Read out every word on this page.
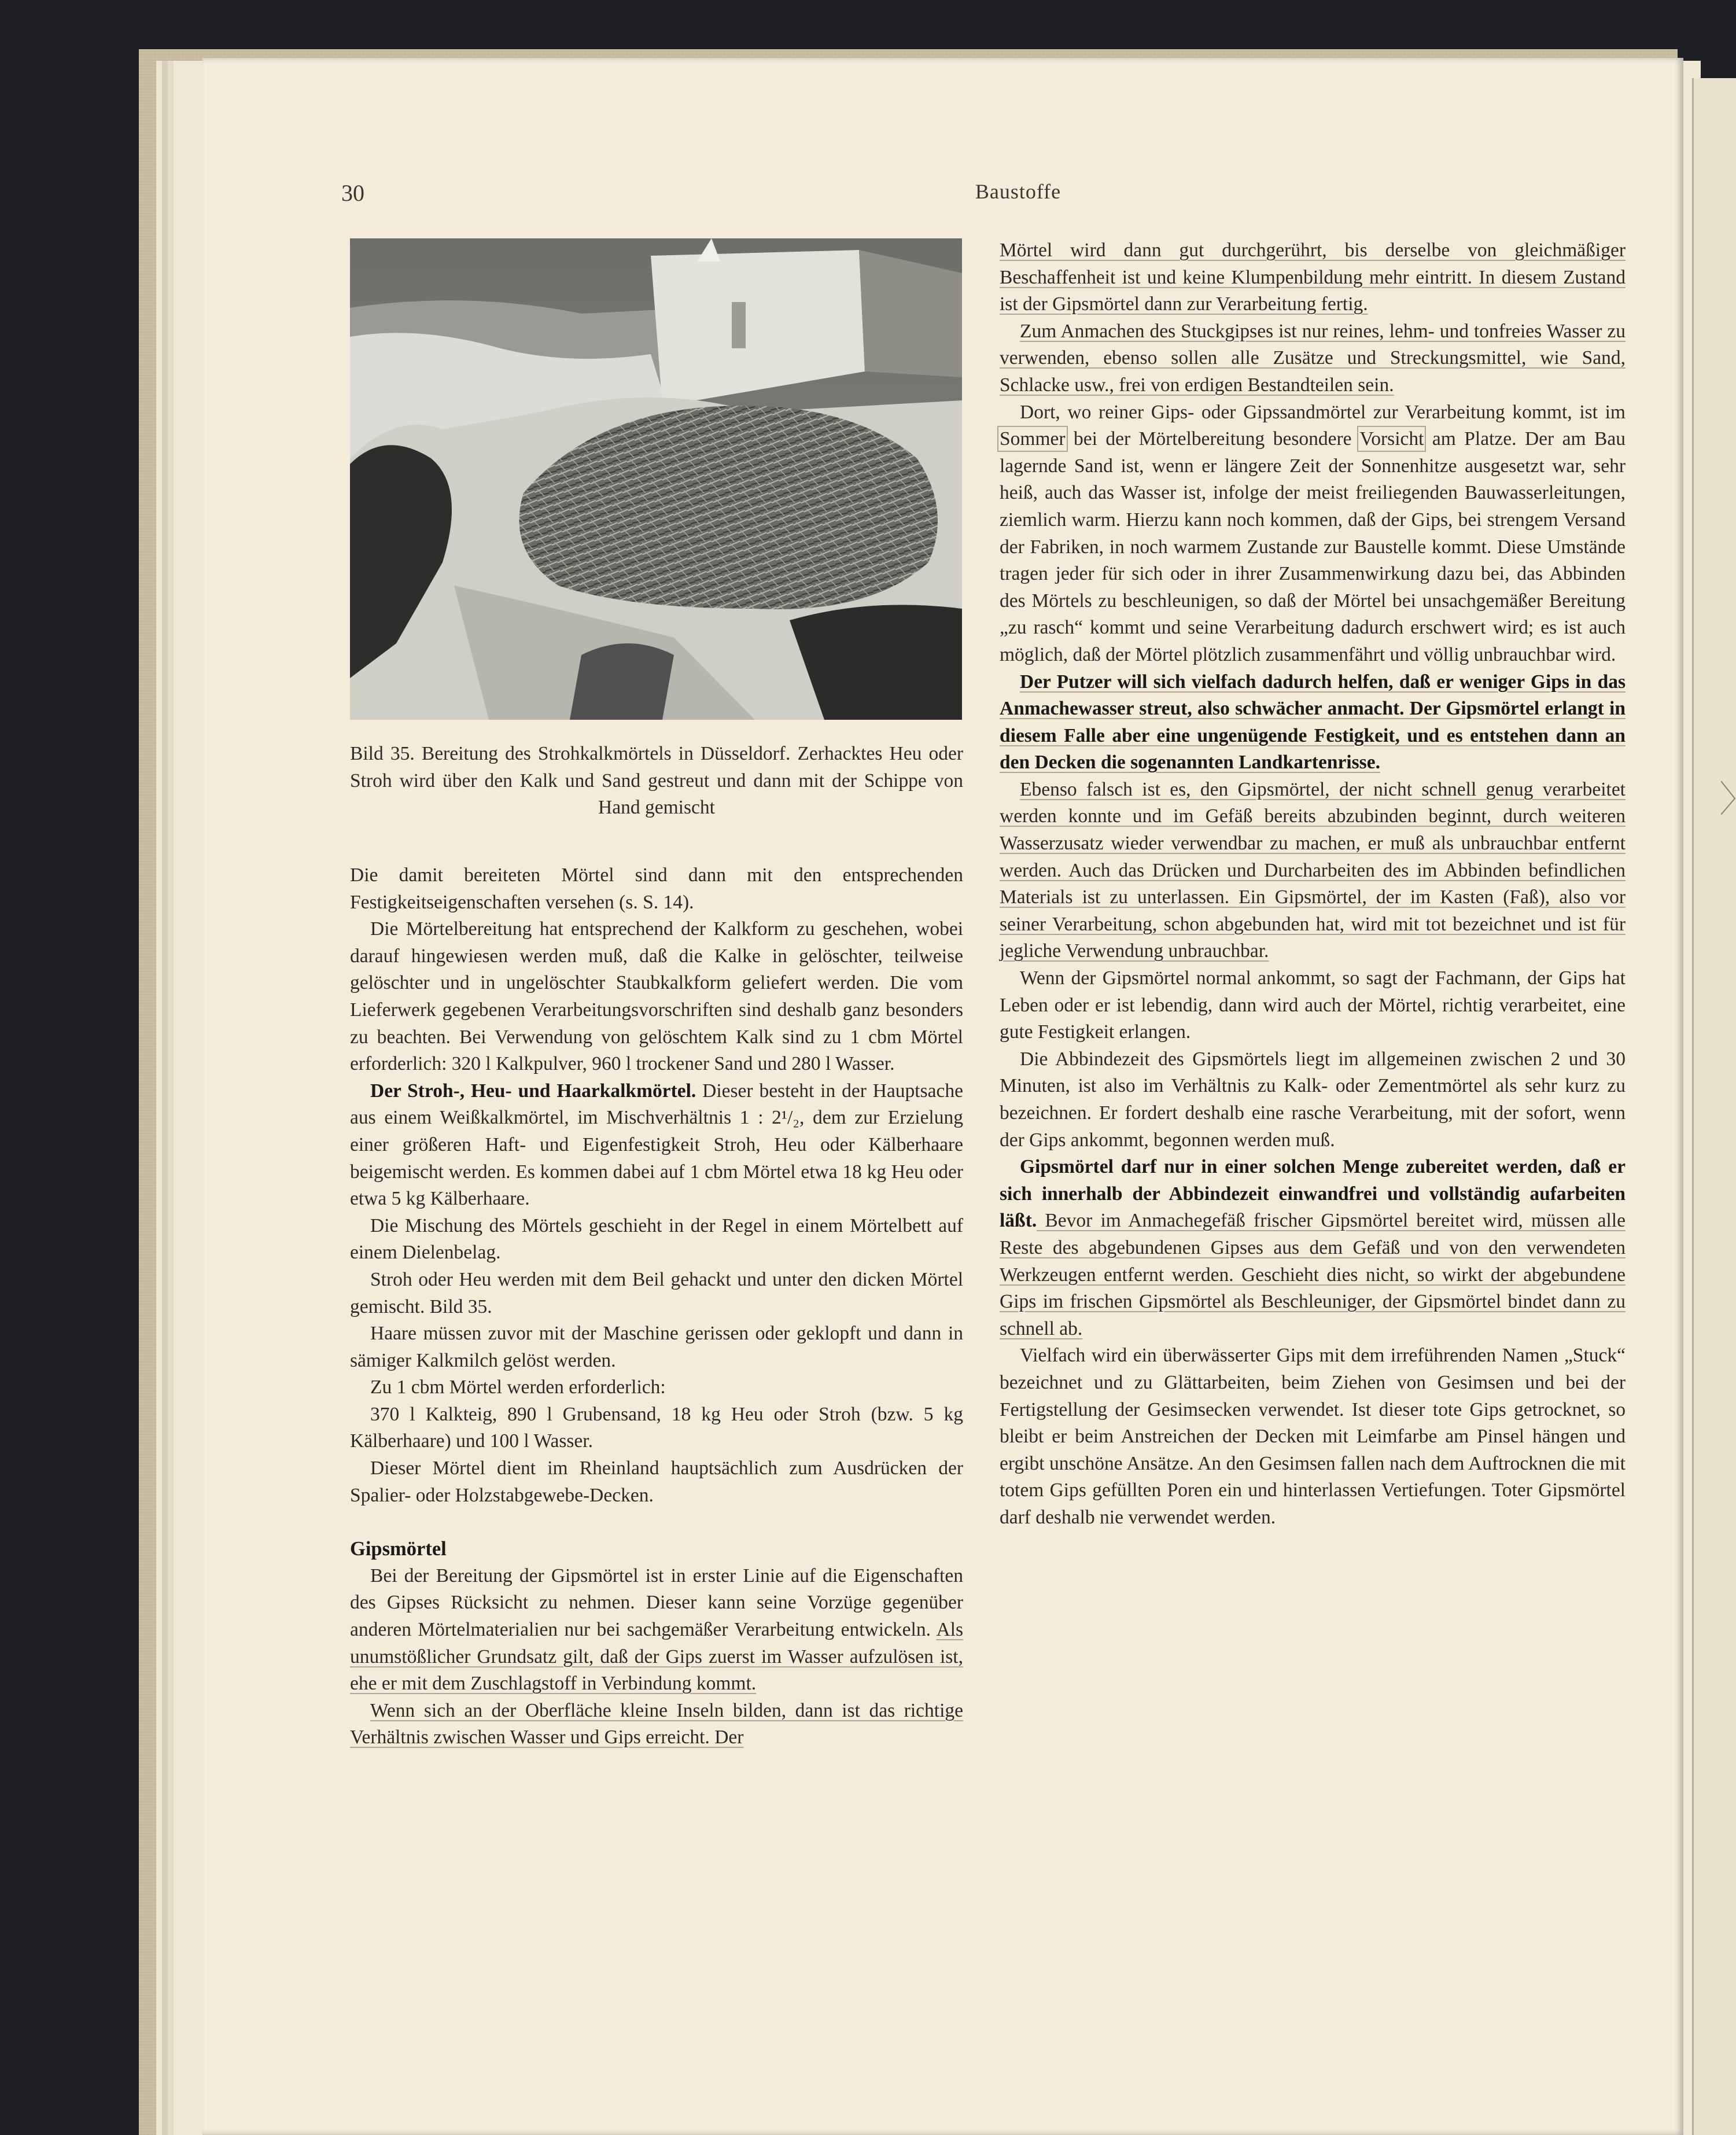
30	Baustoffe
Bild 35. Bereitung des Strohkalkmörtels in Düsseldorf. Zerhacktes Heu oder Stroh wird über den Kalk und Sand gestreut und dann mit der Schippe von Hand gemischt

Die damit bereiteten Mörtel sind dann mit den entsprechenden Festigkeitseigenschaften versehen (s. S. 14).

Die Mörtelbereitung hat entsprechend der Kalkform zu geschehen, wobei darauf hingewiesen werden muß, daß die Kalke in gelöschter, teilweise gelöschter und in ungelöschter Staubkalkform geliefert werden. Die vom Lieferwerk gegebenen Verarbeitungsvorschriften sind deshalb ganz besonders zu beachten. Bei Verwendung von gelöschtem Kalk sind zu 1 cbm Mörtel erforderlich: 320 l Kalkpulver, 960 l trockener Sand und 280 l Wasser.

Der Stroh-, Heu- und Haarkalkmörtel. Dieser besteht in der Hauptsache aus einem Weißkalkmörtel, im Mischverhältnis 1 : 2¹/₂, dem zur Erzielung einer größeren Haft- und Eigenfestigkeit Stroh, Heu oder Kälberhaare beigemischt werden. Es kommen dabei auf 1 cbm Mörtel etwa 18 kg Heu oder etwa 5 kg Kälberhaare.

Die Mischung des Mörtels geschieht in der Regel in einem Mörtelbett auf einem Dielenbelag.

Stroh oder Heu werden mit dem Beil gehackt und unter den dicken Mörtel gemischt. Bild 35.

Haare müssen zuvor mit der Maschine gerissen oder geklopft und dann in sämiger Kalkmilch gelöst werden.

Zu 1 cbm Mörtel werden erforderlich:

370 l Kalkteig, 890 l Grubensand, 18 kg Heu oder Stroh (bzw. 5 kg Kälberhaare) und 100 l Wasser.

Dieser Mörtel dient im Rheinland hauptsächlich zum Ausdrücken der Spalier- oder Holzstabgewebe-Decken.

Gipsmörtel

Bei der Bereitung der Gipsmörtel ist in erster Linie auf die Eigenschaften des Gipses Rücksicht zu nehmen. Dieser kann seine Vorzüge gegenüber anderen Mörtelmaterialien nur bei sachgemäßer Verarbeitung entwickeln. Als unumstößlicher Grundsatz gilt, daß der Gips zuerst im Wasser aufzulösen ist, ehe er mit dem Zuschlagstoff in Verbindung kommt.

Wenn sich an der Oberfläche kleine Inseln bilden, dann ist das richtige Verhältnis zwischen Wasser und Gips erreicht. Der

Mörtel wird dann gut durchgerührt, bis derselbe von gleichmäßiger Beschaffenheit ist und keine Klumpenbildung mehr eintritt. In diesem Zustand ist der Gipsmörtel dann zur Verarbeitung fertig.

Zum Anmachen des Stuckgipses ist nur reines, lehm- und tonfreies Wasser zu verwenden, ebenso sollen alle Zusätze und Streckungsmittel, wie Sand, Schlacke usw., frei von erdigen Bestandteilen sein.

Dort, wo reiner Gips- oder Gipssandmörtel zur Verarbeitung kommt, ist im Sommer bei der Mörtelbereitung besondere Vorsicht am Platze. Der am Bau lagernde Sand ist, wenn er längere Zeit der Sonnenhitze ausgesetzt war, sehr heiß, auch das Wasser ist, infolge der meist freiliegenden Bauwasserleitungen, ziemlich warm. Hierzu kann noch kommen, daß der Gips, bei strengem Versand der Fabriken, in noch warmem Zustande zur Baustelle kommt. Diese Umstände tragen jeder für sich oder in ihrer Zusammenwirkung dazu bei, das Abbinden des Mörtels zu beschleunigen, so daß der Mörtel bei unsachgemäßer Bereitung „zu rasch“ kommt und seine Verarbeitung dadurch erschwert wird; es ist auch möglich, daß der Mörtel plötzlich zusammenfährt und völlig unbrauchbar wird.

Der Putzer will sich vielfach dadurch helfen, daß er weniger Gips in das Anmachewasser streut, also schwächer anmacht. Der Gipsmörtel erlangt in diesem Falle aber eine ungenügende Festigkeit, und es entstehen dann an den Decken die sogenannten Landkartenrisse.

Ebenso falsch ist es, den Gipsmörtel, der nicht schnell genug verarbeitet werden konnte und im Gefäß bereits abzubinden beginnt, durch weiteren Wasserzusatz wieder verwendbar zu machen, er muß als unbrauchbar entfernt werden. Auch das Drücken und Durcharbeiten des im Abbinden befindlichen Materials ist zu unterlassen. Ein Gipsmörtel, der im Kasten (Faß), also vor seiner Verarbeitung, schon abgebunden hat, wird mit tot bezeichnet und ist für jegliche Verwendung unbrauchbar.

Wenn der Gipsmörtel normal ankommt, so sagt der Fachmann, der Gips hat Leben oder er ist lebendig, dann wird auch der Mörtel, richtig verarbeitet, eine gute Festigkeit erlangen.

Die Abbindezeit des Gipsmörtels liegt im allgemeinen zwischen 2 und 30 Minuten, ist also im Verhältnis zu Kalk- oder Zementmörtel als sehr kurz zu bezeichnen. Er fordert deshalb eine rasche Verarbeitung, mit der sofort, wenn der Gips ankommt, begonnen werden muß.

Gipsmörtel darf nur in einer solchen Menge zubereitet werden, daß er sich innerhalb der Abbindezeit einwandfrei und vollständig aufarbeiten läßt. Bevor im Anmachegefäß frischer Gipsmörtel bereitet wird, müssen alle Reste des abgebundenen Gipses aus dem Gefäß und von den verwendeten Werkzeugen entfernt werden. Geschieht dies nicht, so wirkt der abgebundene Gips im frischen Gipsmörtel als Beschleuniger, der Gipsmörtel bindet dann zu schnell ab.

Vielfach wird ein überwässerter Gips mit dem irreführenden Namen „Stuck“ bezeichnet und zu Glättarbeiten, beim Ziehen von Gesimsen und bei der Fertigstellung der Gesimsecken verwendet. Ist dieser tote Gips getrocknet, so bleibt er beim Anstreichen der Decken mit Leimfarbe am Pinsel hängen und ergibt unschöne Ansätze. An den Gesimsen fallen nach dem Auftrocknen die mit totem Gips gefüllten Poren ein und hinterlassen Vertiefungen. Toter Gipsmörtel darf deshalb nie verwendet werden.
